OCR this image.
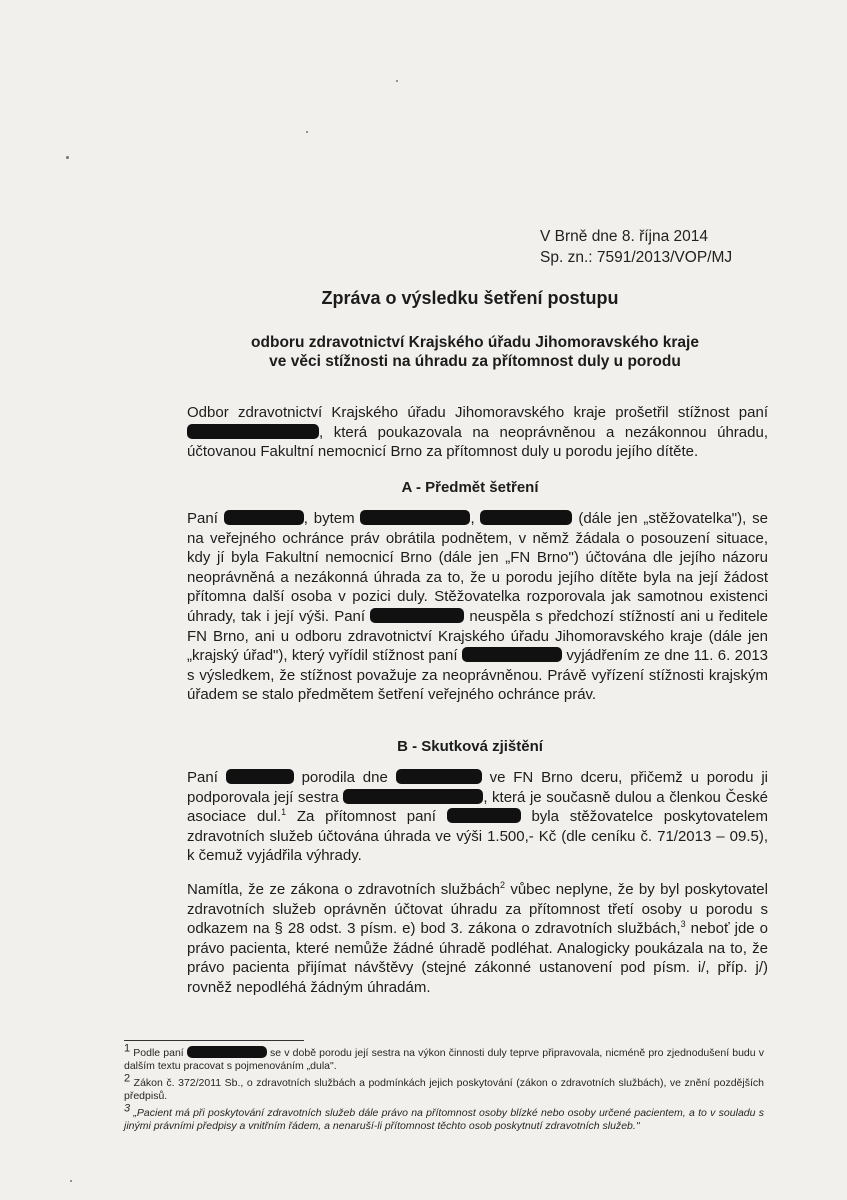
V Brně dne 8. října 2014
Sp. zn.: 7591/2013/VOP/MJ
Zpráva o výsledku šetření postupu
odboru zdravotnictví Krajského úřadu Jihomoravského kraje
ve věci stížnosti na úhradu za přítomnost duly u porodu

Odbor zdravotnictví Krajského úřadu Jihomoravského kraje prošetřil stížnost paní , která poukazovala na neoprávněnou a nezákonnou úhradu, účtovanou Fakultní nemocnicí Brno za přítomnost duly u porodu jejího dítěte.

A - Předmět šetření

Paní	, bytem	,	(dále jen „stěžovatelka"), se na veřejného ochránce práv obrátila podnětem, v němž žádala o posouzení situace, kdy jí byla Fakultní nemocnicí Brno (dále jen „FN Brno") účtována dle jejího názoru neoprávněná a nezákonná úhrada za to, že u porodu jejího dítěte byla na její žádost přítomna další osoba v pozici duly. Stěžovatelka rozporovala jak samotnou existenci úhrady, tak i její výši. Paní	neuspěla s předchozí stížností ani u ředitele FN Brno, ani u odboru zdravotnictví Krajského úřadu Jihomoravského kraje (dále jen „krajský úřad"), který vyřídil stížnost paní	vyjádřením ze dne 11. 6. 2013 s výsledkem, že stížnost považuje za neoprávněnou. Právě vyřízení stížnosti krajským úřadem se stalo předmětem šetření veřejného ochránce práv.

B - Skutková zjištění

Paní	porodila dne	ve FN Brno dceru, přičemž u porodu ji podporovala její sestra	, která je současně dulou a členkou České asociace dul.$^1$ Za přítomnost paní	byla stěžovatelce poskytovatelem zdravotních služeb účtována úhrada ve výši 1.500,- Kč (dle ceníku č. 71/2013 – 09.5), k čemuž vyjádřila výhrady.

Namítla, že ze zákona o zdravotních službách$^2$ vůbec neplyne, že by byl poskytovatel zdravotních služeb oprávněn účtovat úhradu za přítomnost třetí osoby u porodu s odkazem na § 28 odst. 3 písm. e) bod 3. zákona o zdravotních službách,$^3$ neboť jde o právo pacienta, které nemůže žádné úhradě podléhat. Analogicky poukázala na to, že právo pacienta přijímat návštěvy (stejné zákonné ustanovení pod písm. i/, příp. j/) rovněž nepodléhá žádným úhradám.

$^1$ Podle paní	se v době porodu její sestra na výkon činnosti duly teprve připravovala, nicméně pro zjednodušení budu v dalším textu pracovat s pojmenováním „dula".

$^2$ Zákon č. 372/2011 Sb., o zdravotních službách a podmínkách jejich poskytování (zákon o zdravotních službách), ve znění pozdějších předpisů.

$^3$ „Pacient má při poskytování zdravotních služeb dále právo na přítomnost osoby blízké nebo osoby určené pacientem, a to v souladu s jinými právními předpisy a vnitřním řádem, a nenaruší-li přítomnost těchto osob poskytnutí zdravotních služeb."
